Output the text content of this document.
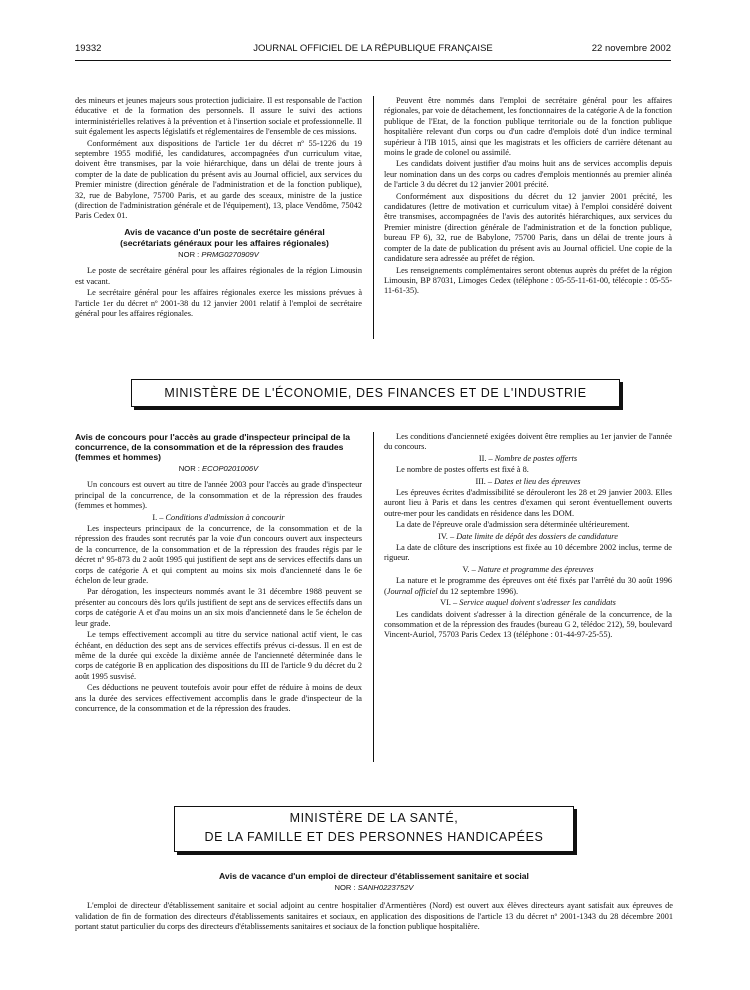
19332	JOURNAL OFFICIEL DE LA RÉPUBLIQUE FRANÇAISE	22 novembre 2002

des mineurs et jeunes majeurs sous protection judiciaire. Il est responsable de l'action éducative et de la formation des personnels. Il assure le suivi des actions interministérielles relatives à la prévention et à l'insertion sociale et professionnelle. Il suit également les aspects législatifs et réglementaires de l'ensemble de ces missions.

Conformément aux dispositions de l'article 1er du décret nº 55-1226 du 19 septembre 1955 modifié, les candidatures, accompagnées d'un curriculum vitae, doivent être transmises, par la voie hiérarchique, dans un délai de trente jours à compter de la date de publication du présent avis au Journal officiel, aux services du Premier ministre (direction générale de l'administration et de la fonction publique), 32, rue de Babylone, 75700 Paris, et au garde des sceaux, ministre de la justice (direction de l'administration générale et de l'équipement), 13, place Vendôme, 75042 Paris Cedex 01.

Avis de vacance d'un poste de secrétaire général

(secrétariats généraux pour les affaires régionales)

NOR : PRMG0270909V

Le poste de secrétaire général pour les affaires régionales de la région Limousin est vacant.

Le secrétaire général pour les affaires régionales exerce les missions prévues à l'article 1er du décret nº 2001-38 du 12 janvier 2001 relatif à l'emploi de secrétaire général pour les affaires régionales.

Peuvent être nommés dans l'emploi de secrétaire général pour les affaires régionales, par voie de détachement, les fonctionnaires de la catégorie A de la fonction publique de l'Etat, de la fonction publique territoriale ou de la fonction publique hospitalière relevant d'un corps ou d'un cadre d'emplois doté d'un indice terminal supérieur à l'IB 1015, ainsi que les magistrats et les officiers de carrière détenant au moins le grade de colonel ou assimilé.

Les candidats doivent justifier d'au moins huit ans de services accomplis depuis leur nomination dans un des corps ou cadres d'emplois mentionnés au premier alinéa de l'article 3 du décret du 12 janvier 2001 précité.

Conformément aux dispositions du décret du 12 janvier 2001 précité, les candidatures (lettre de motivation et curriculum vitae) à l'emploi considéré doivent être transmises, accompagnées de l'avis des autorités hiérarchiques, aux services du Premier ministre (direction générale de l'administration et de la fonction publique, bureau FP 6), 32, rue de Babylone, 75700 Paris, dans un délai de trente jours à compter de la date de publication du présent avis au Journal officiel. Une copie de la candidature sera adressée au préfet de région.

Les renseignements complémentaires seront obtenus auprès du préfet de la région Limousin, BP 87031, Limoges Cedex (téléphone : 05-55-11-61-00, télécopie : 05-55-11-61-35).

MINISTÈRE DE L'ÉCONOMIE, DES FINANCES ET DE L'INDUSTRIE

Avis de concours pour l'accès au grade d'inspecteur principal de la concurrence, de la consommation et de la répression des fraudes (femmes et hommes)

NOR : ECOP0201006V

Un concours est ouvert au titre de l'année 2003 pour l'accès au grade d'inspecteur principal de la concurrence, de la consommation et de la répression des fraudes (femmes et hommes).

I. – Conditions d'admission à concourir

Les inspecteurs principaux de la concurrence, de la consommation et de la répression des fraudes sont recrutés par la voie d'un concours ouvert aux inspecteurs de la concurrence, de la consommation et de la répression des fraudes régis par le décret nº 95-873 du 2 août 1995 qui justifient de sept ans de services effectifs dans un corps de catégorie A et qui comptent au moins six mois d'ancienneté dans le 6e échelon de leur grade.

Par dérogation, les inspecteurs nommés avant le 31 décembre 1988 peuvent se présenter au concours dès lors qu'ils justifient de sept ans de services effectifs dans un corps de catégorie A et d'au moins un an six mois d'ancienneté dans le 5e échelon de leur grade.

Le temps effectivement accompli au titre du service national actif vient, le cas échéant, en déduction des sept ans de services effectifs prévus ci-dessus. Il en est de même de la durée qui excède la dixième année de l'ancienneté déterminée dans le corps de catégorie B en application des dispositions du III de l'article 9 du décret du 2 août 1995 susvisé.

Ces déductions ne peuvent toutefois avoir pour effet de réduire à moins de deux ans la durée des services effectivement accomplis dans le grade d'inspecteur de la concurrence, de la consommation et de la répression des fraudes.

Les conditions d'ancienneté exigées doivent être remplies au 1er janvier de l'année du concours.

II. – Nombre de postes offerts

Le nombre de postes offerts est fixé à 8.

III. – Dates et lieu des épreuves

Les épreuves écrites d'admissibilité se dérouleront les 28 et 29 janvier 2003. Elles auront lieu à Paris et dans les centres d'examen qui seront éventuellement ouverts outre-mer pour les candidats en résidence dans les DOM.

La date de l'épreuve orale d'admission sera déterminée ultérieurement.

IV. – Date limite de dépôt des dossiers de candidature

La date de clôture des inscriptions est fixée au 10 décembre 2002 inclus, terme de rigueur.

V. – Nature et programme des épreuves

La nature et le programme des épreuves ont été fixés par l'arrêté du 30 août 1996 (Journal officiel du 12 septembre 1996).

VI. – Service auquel doivent s'adresser les candidats

Les candidats doivent s'adresser à la direction générale de la concurrence, de la consommation et de la répression des fraudes (bureau G 2, télédoc 212), 59, boulevard Vincent-Auriol, 75703 Paris Cedex 13 (téléphone : 01-44-97-25-55).

MINISTÈRE DE LA SANTÉ,
DE LA FAMILLE ET DES PERSONNES HANDICAPÉES

Avis de vacance d'un emploi de directeur d'établissement sanitaire et social

NOR : SANH0223752V

L'emploi de directeur d'établissement sanitaire et social adjoint au centre hospitalier d'Armentières (Nord) est ouvert aux élèves directeurs ayant satisfait aux épreuves de validation de fin de formation des directeurs d'établissements sanitaires et sociaux, en application des dispositions de l'article 13 du décret nº 2001-1343 du 28 décembre 2001 portant statut particulier du corps des directeurs d'établissements sanitaires et sociaux de la fonction publique hospitalière.
